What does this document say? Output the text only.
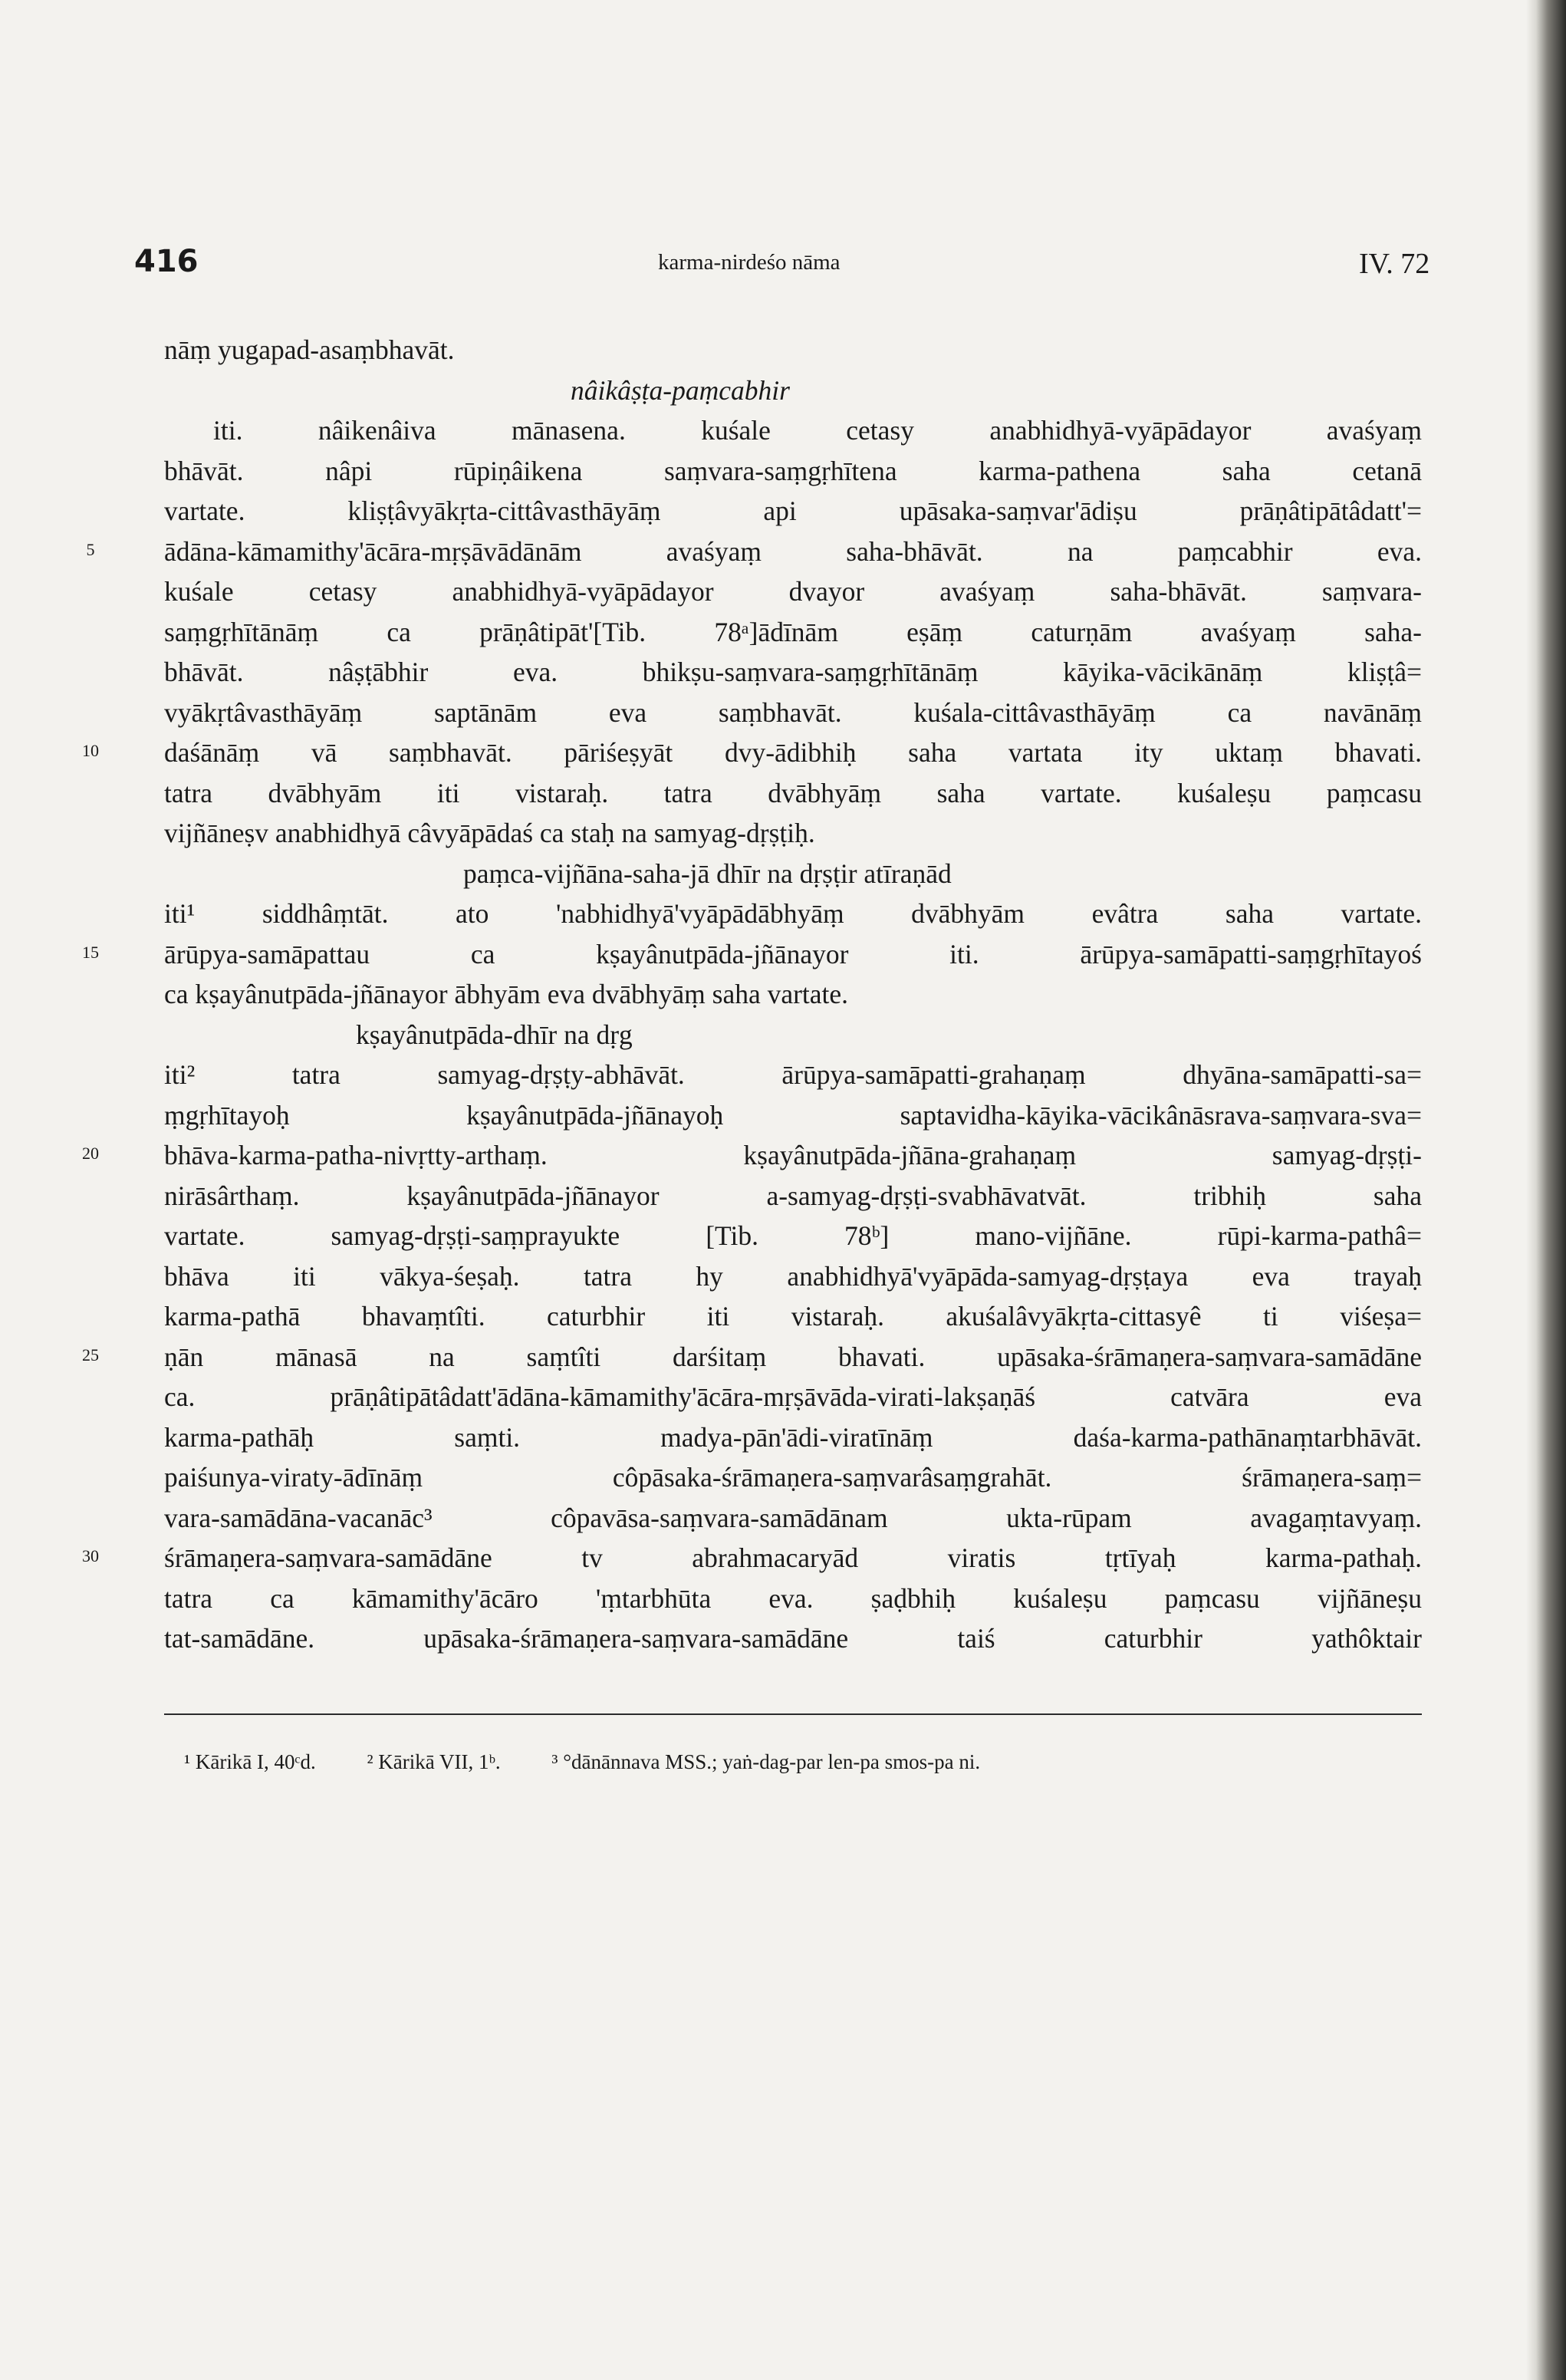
416	karma-nirdeśo nāma	IV. 72
5
10
15
20
25
30
nāṃ yugapad-asaṃbhavāt.
nâikâṣṭa-paṃcabhir
iti. nâikenâiva mānasena. kuśale cetasy anabhidhyā-vyāpādayor avaśyaṃ
bhāvāt. nâpi rūpiṇâikena saṃvara-saṃgṛhītena karma-pathena saha cetanā
vartate. kliṣṭâvyākṛta-cittâvasthāyāṃ api upāsaka-saṃvar'ādiṣu prāṇâtipātâdatt'=
ādāna-kāmamithy'ācāra-mṛṣāvādānām avaśyaṃ saha-bhāvāt. na paṃcabhir eva.
kuśale cetasy anabhidhyā-vyāpādayor dvayor avaśyaṃ saha-bhāvāt. saṃvara-
saṃgṛhītānāṃ ca prāṇâtipāt'[Tib. 78ᵃ]ādīnām eṣāṃ caturṇām avaśyaṃ saha-
bhāvāt. nâṣṭābhir eva. bhikṣu-saṃvara-saṃgṛhītānāṃ kāyika-vācikānāṃ kliṣṭâ=
vyākṛtâvasthāyāṃ saptānām eva saṃbhavāt. kuśala-cittâvasthāyāṃ ca navānāṃ
daśānāṃ vā saṃbhavāt. pāriśeṣyāt dvy-ādibhiḥ saha vartata ity uktaṃ bhavati.
tatra dvābhyām iti vistaraḥ. tatra dvābhyāṃ saha vartate. kuśaleṣu paṃcasu
vijñāneṣv anabhidhyā câvyāpādaś ca staḥ na samyag-dṛṣṭiḥ.
paṃca-vijñāna-saha-jā dhīr na dṛṣṭir atīraṇād
iti¹ siddhâṃtāt. ato 'nabhidhyā'vyāpādābhyāṃ dvābhyām evâtra saha vartate.
ārūpya-samāpattau ca kṣayânutpāda-jñānayor iti. ārūpya-samāpatti-saṃgṛhītayoś
ca kṣayânutpāda-jñānayor ābhyām eva dvābhyāṃ saha vartate.
kṣayânutpāda-dhīr na dṛg
iti² tatra samyag-dṛṣṭy-abhāvāt. ārūpya-samāpatti-grahaṇaṃ dhyāna-samāpatti-sa=
ṃgṛhītayoḥ kṣayânutpāda-jñānayoḥ saptavidha-kāyika-vācikânāsrava-saṃvara-sva=
bhāva-karma-patha-nivṛtty-arthaṃ. kṣayânutpāda-jñāna-grahaṇaṃ samyag-dṛṣṭi-
nirāsârthaṃ. kṣayânutpāda-jñānayor a-samyag-dṛṣṭi-svabhāvatvāt. tribhiḥ saha
vartate. samyag-dṛṣṭi-saṃprayukte [Tib. 78ᵇ] mano-vijñāne. rūpi-karma-pathâ=
bhāva iti vākya-śeṣaḥ. tatra hy anabhidhyā'vyāpāda-samyag-dṛṣṭaya eva trayaḥ
karma-pathā bhavaṃtîti. caturbhir iti vistaraḥ. akuśalâvyākṛta-cittasyê ti viśeṣa=
ṇān mānasā na saṃtîti darśitaṃ bhavati. upāsaka-śrāmaṇera-saṃvara-samādāne
ca. prāṇâtipātâdatt'ādāna-kāmamithy'ācāra-mṛṣāvāda-virati-lakṣaṇāś catvāra eva
karma-pathāḥ saṃti. madya-pān'ādi-viratīnāṃ daśa-karma-pathānaṃtarbhāvāt.
paiśunya-viraty-ādīnāṃ côpāsaka-śrāmaṇera-saṃvarâsaṃgrahāt. śrāmaṇera-saṃ=
vara-samādāna-vacanāc³ côpavāsa-saṃvara-samādānam ukta-rūpam avagaṃtavyaṃ.
śrāmaṇera-saṃvara-samādāne tv abrahmacaryād viratis tṛtīyaḥ karma-pathaḥ.
tatra ca kāmamithy'ācāro 'ṃtarbhūta eva. ṣaḍbhiḥ kuśaleṣu paṃcasu vijñāneṣu
tat-samādāne. upāsaka-śrāmaṇera-saṃvara-samādāne taiś caturbhir yathôktair
¹ Kārikā I, 40ᶜd. ² Kārikā VII, 1ᵇ. ³ °dānānnava MSS.; yaṅ-dag-par len-pa smos-pa ni.
